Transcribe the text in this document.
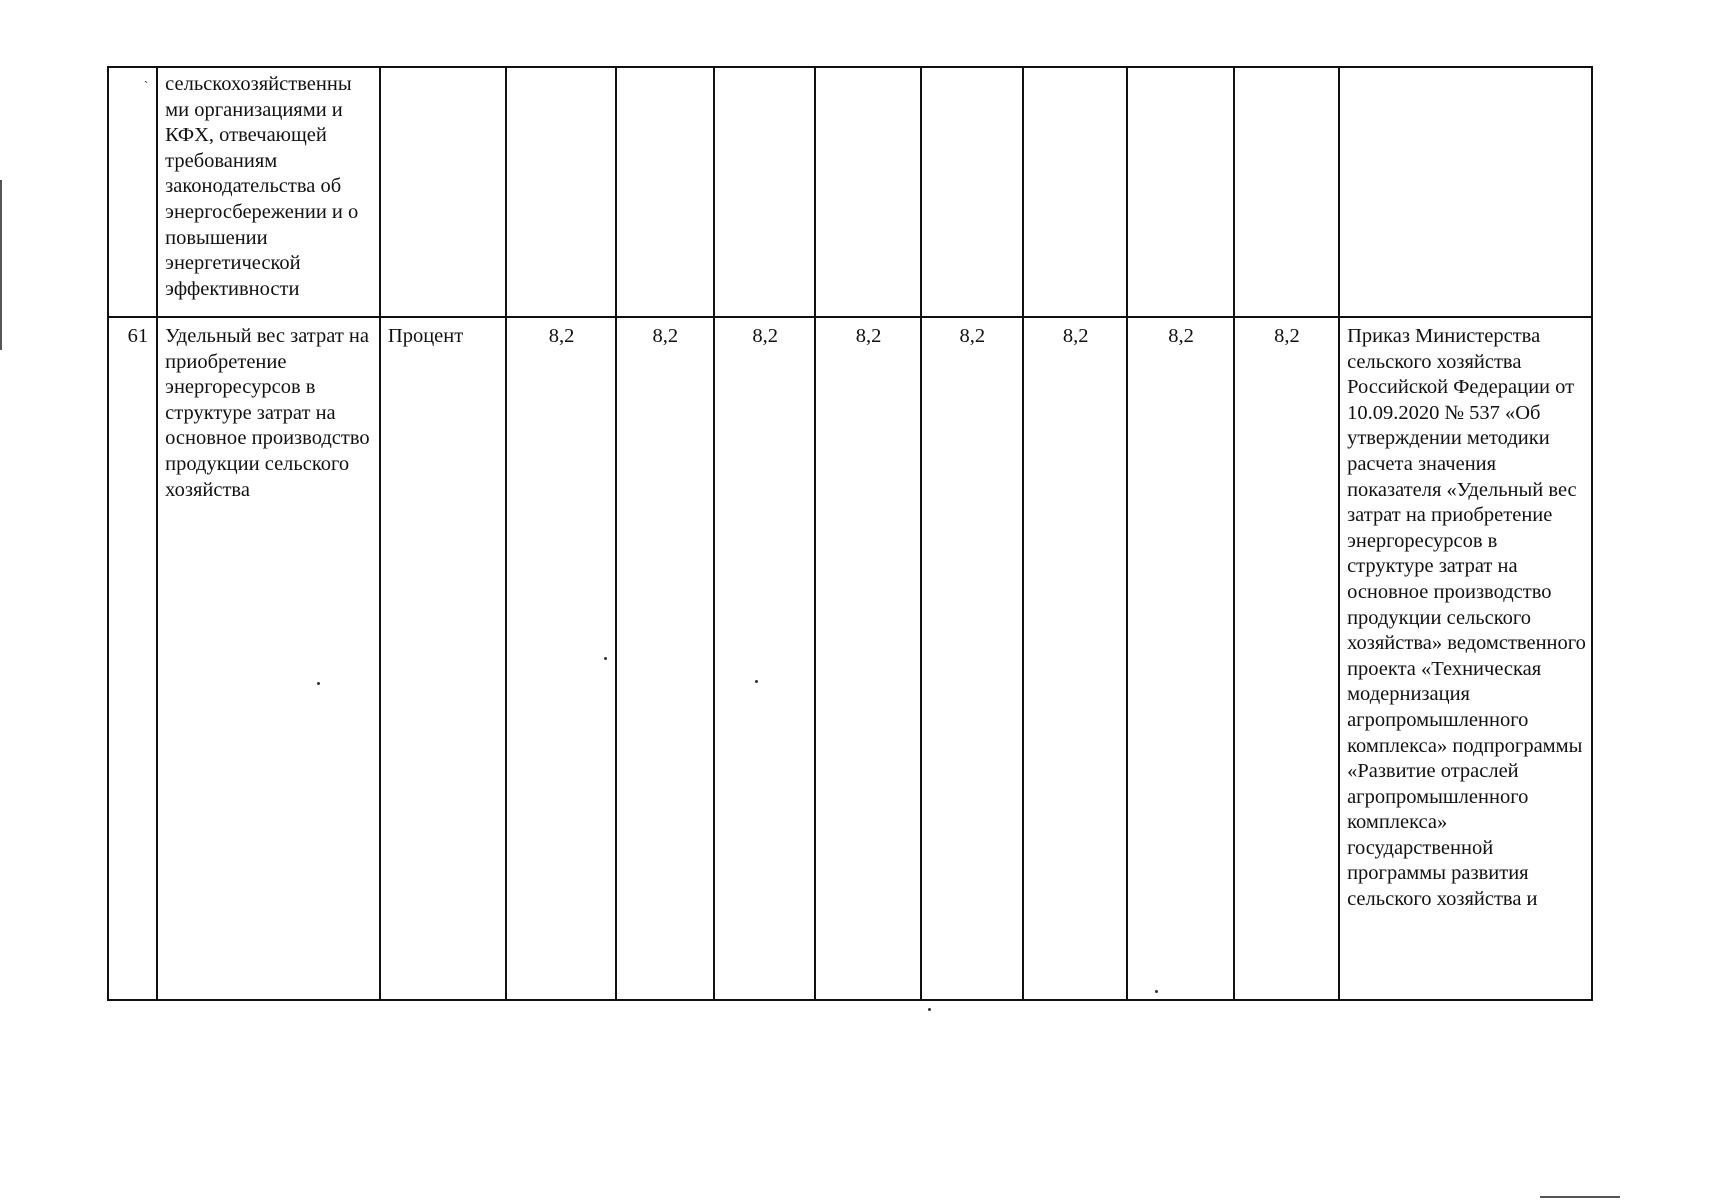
ˋ	сельскохозяйственны ми организациями и КФХ, отвечающей требованиям законодательства об энергосбережении и о повышении энергетической эффективности										

61	Удельный вес затрат на приобретение энергоресурсов в структуре затрат на основное производство продукции сельского хозяйства	Процент	8,2	8,2	8,2	8,2	8,2	8,2	8,2	8,2	Приказ Министерства сельского хозяйства Российской Федерации от 10.09.2020 № 537 «Об утверждении методики расчета значения показателя «Удельный вес затрат на приобретение энергоресурсов в структуре затрат на основное производство продукции сельского хозяйства» ведомственного проекта «Техническая модернизация агропромышленного комплекса» подпрограммы «Развитие отраслей агропромышленного комплекса» государственной программы развития сельского хозяйства и
